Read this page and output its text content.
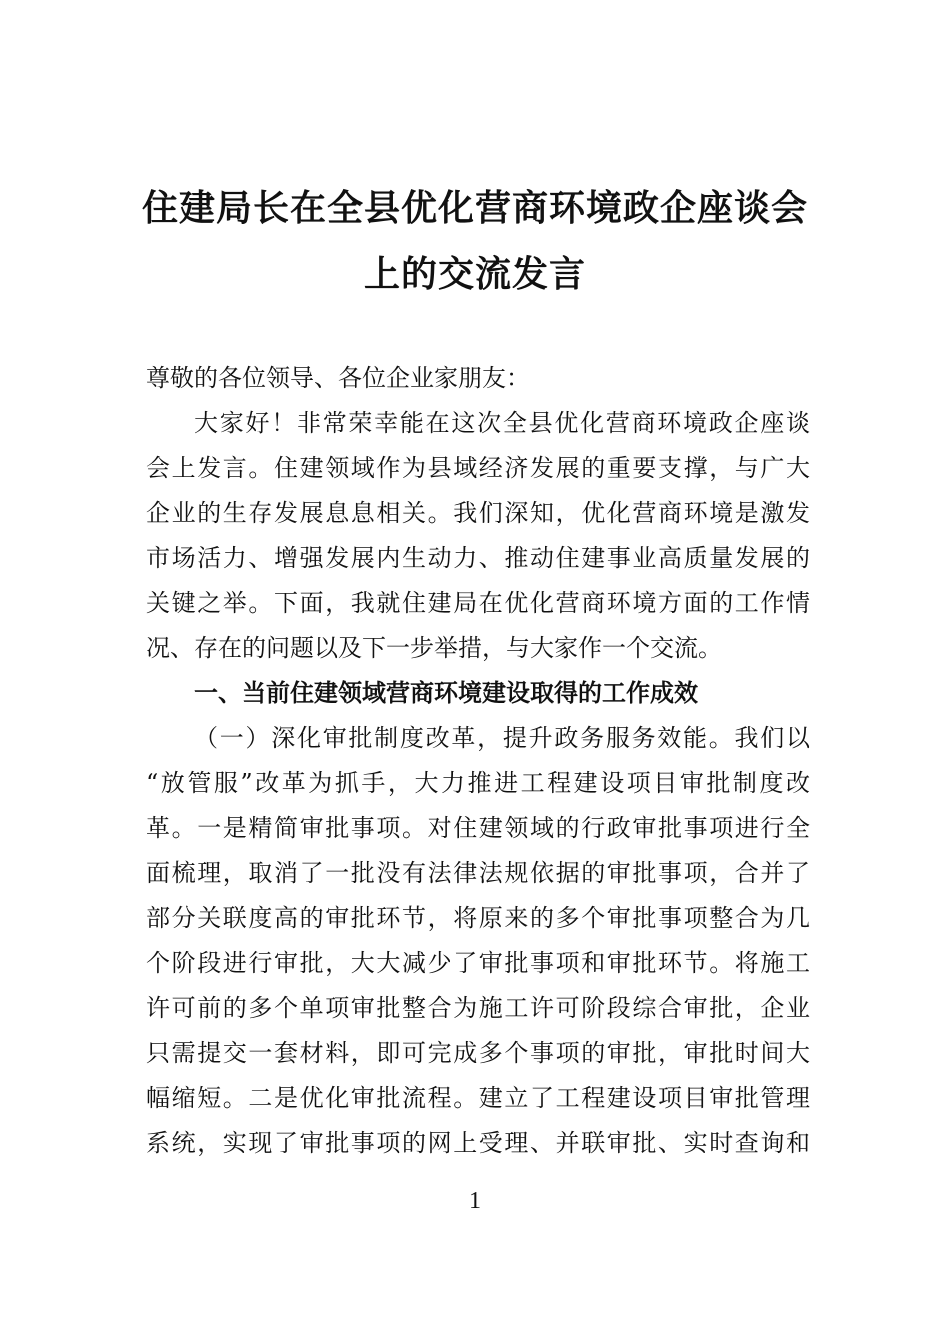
住建局长在全县优化营商环境政企座谈会
上的交流发言
尊敬的各位领导、各位企业家朋友：
大家好！非常荣幸能在这次全县优化营商环境政企座谈
会上发言。住建领域作为县域经济发展的重要支撑，与广大
企业的生存发展息息相关。我们深知，优化营商环境是激发
市场活力、增强发展内生动力、推动住建事业高质量发展的
关键之举。下面，我就住建局在优化营商环境方面的工作情
况、存在的问题以及下一步举措，与大家作一个交流。
一、当前住建领域营商环境建设取得的工作成效
（一）深化审批制度改革，提升政务服务效能。我们以
“放管服”改革为抓手，大力推进工程建设项目审批制度改
革。一是精简审批事项。对住建领域的行政审批事项进行全
面梳理，取消了一批没有法律法规依据的审批事项，合并了
部分关联度高的审批环节，将原来的多个审批事项整合为几
个阶段进行审批，大大减少了审批事项和审批环节。将施工
许可前的多个单项审批整合为施工许可阶段综合审批，企业
只需提交一套材料，即可完成多个事项的审批，审批时间大
幅缩短。二是优化审批流程。建立了工程建设项目审批管理
系统，实现了审批事项的网上受理、并联审批、实时查询和
1
